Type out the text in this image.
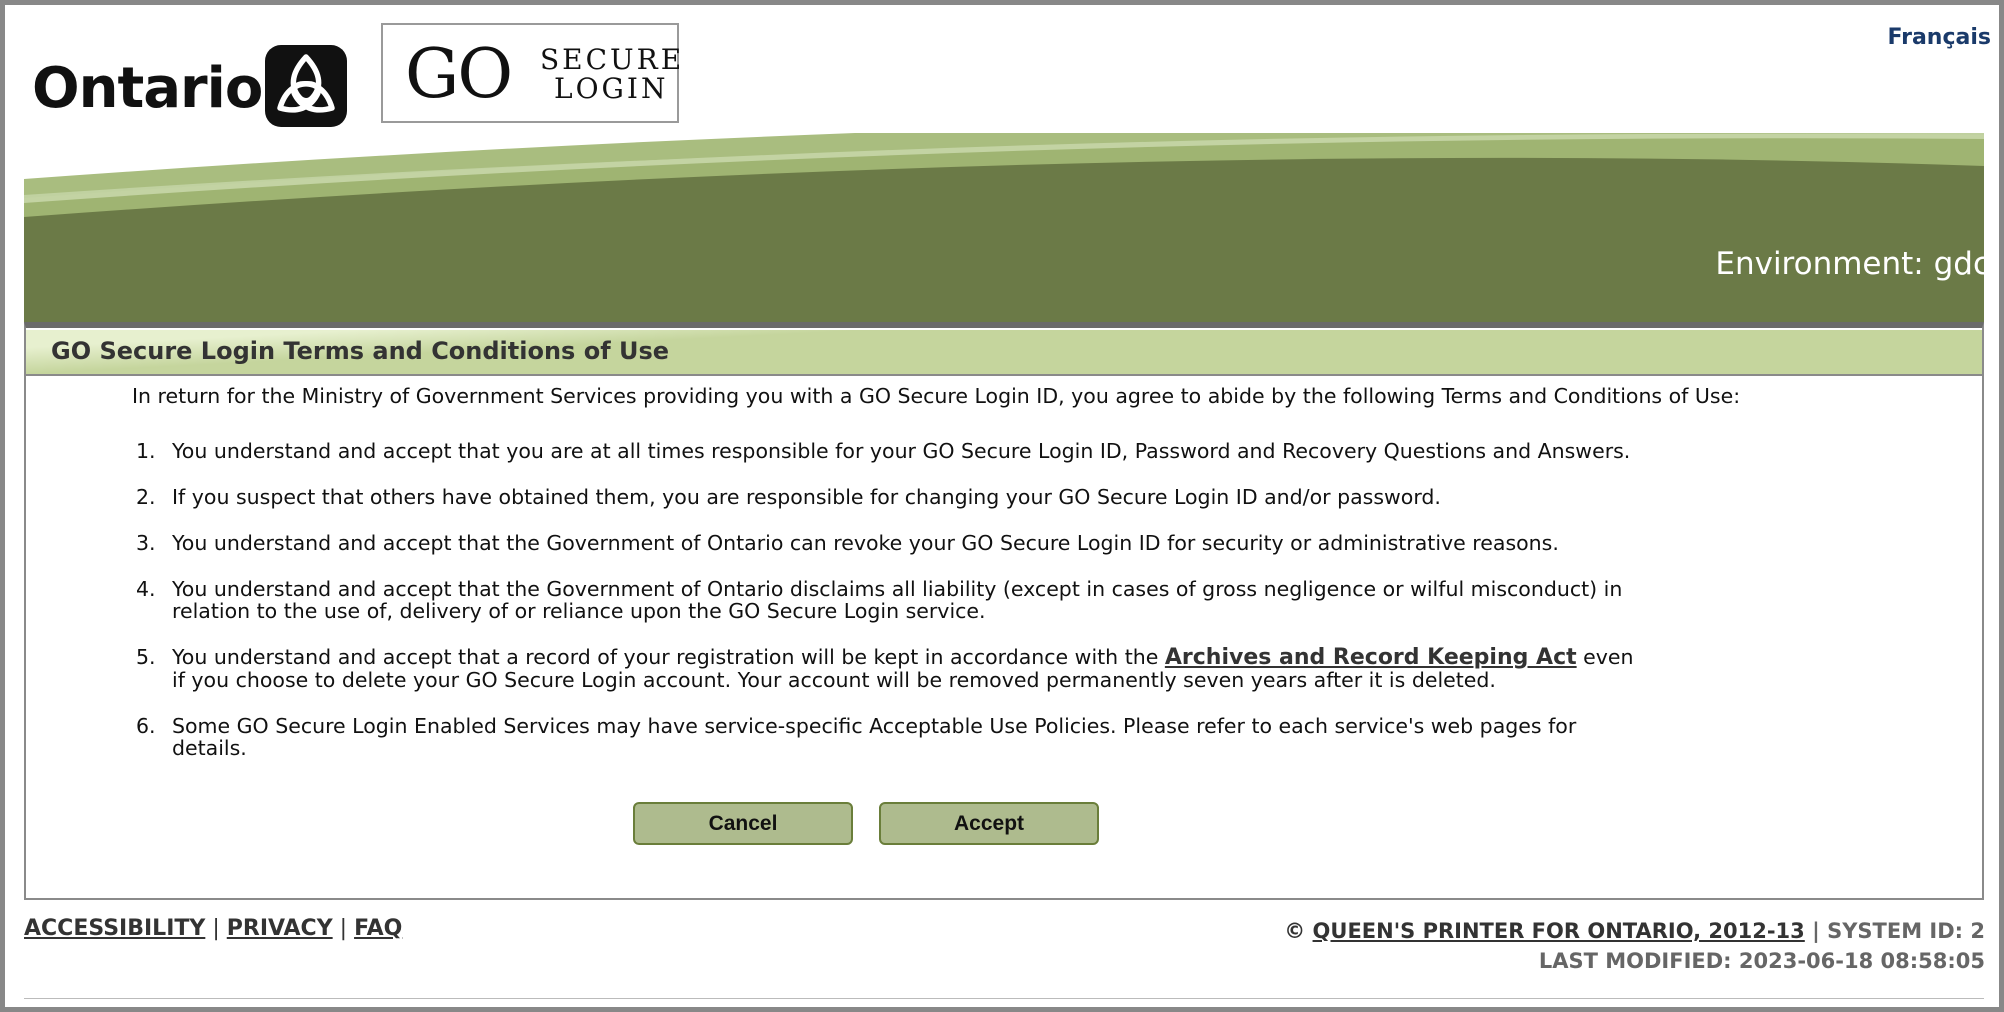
Ontario GO SECURE
LOGIN
Français
Environment: gdc
GO Secure Login Terms and Conditions of Use

In return for the Ministry of Government Services providing you with a GO Secure Login ID, you agree to abide by the following Terms and Conditions of Use:

1. You understand and accept that you are at all times responsible for your GO Secure Login ID, Password and Recovery Questions and Answers.
2. If you suspect that others have obtained them, you are responsible for changing your GO Secure Login ID and/or password.
3. You understand and accept that the Government of Ontario can revoke your GO Secure Login ID for security or administrative reasons.
4. You understand and accept that the Government of Ontario disclaims all liability (except in cases of gross negligence or wilful misconduct) in relation to the use of, delivery of or reliance upon the GO Secure Login service.
5. You understand and accept that a record of your registration will be kept in accordance with the Archives and Record Keeping Act even if you choose to delete your GO Secure Login account. Your account will be removed permanently seven years after it is deleted.
6. Some GO Secure Login Enabled Services may have service-specific Acceptable Use Policies. Please refer to each service's web pages for details.
Cancel	Accept
ACCESSIBILITY | PRIVACY | FAQ	© QUEEN'S PRINTER FOR ONTARIO, 2012-13 | SYSTEM ID: 2
LAST MODIFIED: 2023-06-18 08:58:05
